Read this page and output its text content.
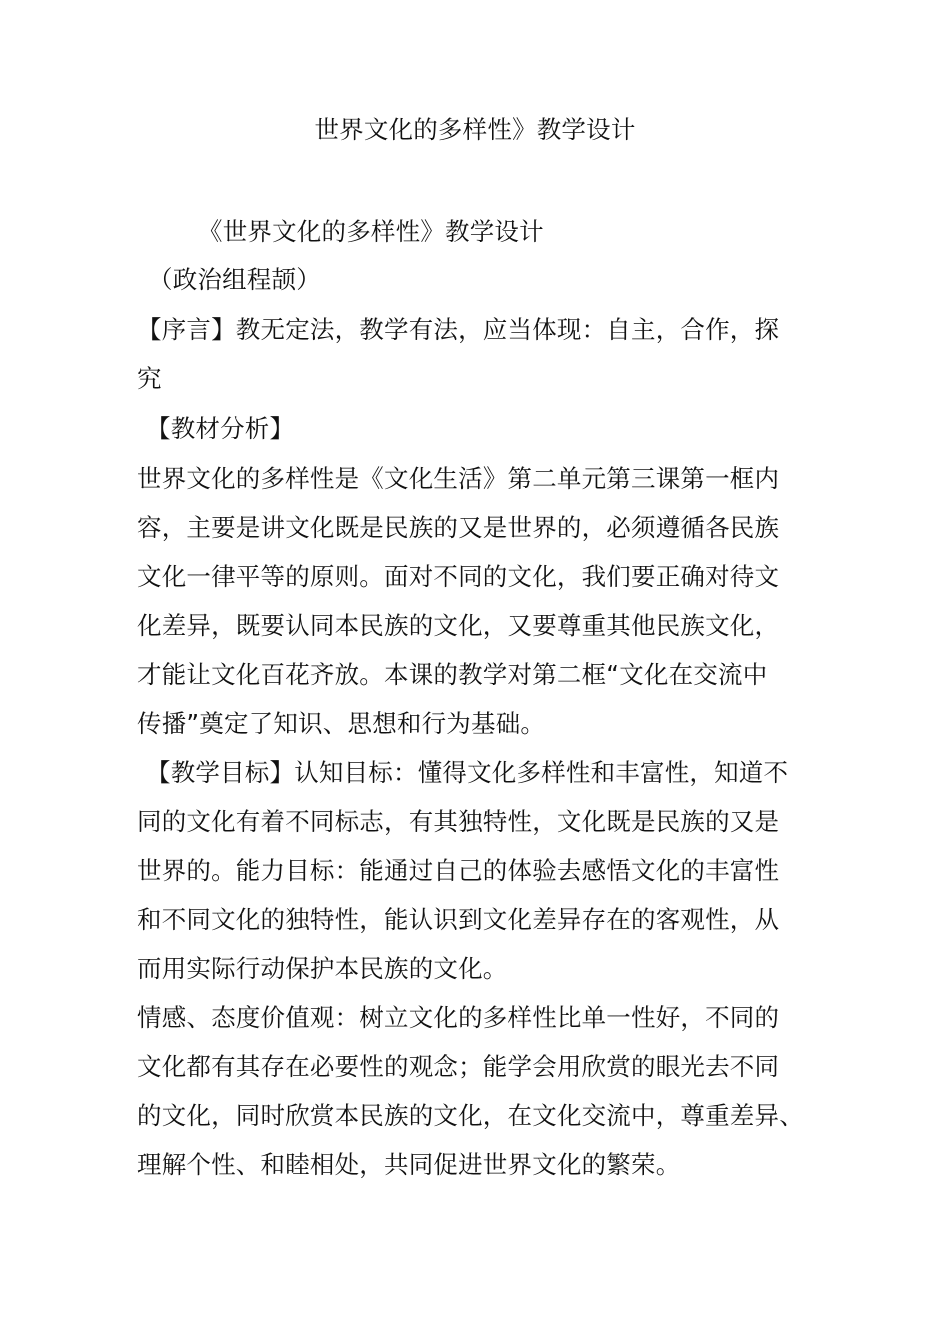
世界文化的多样性》教学设计
《世界文化的多样性》教学设计
（政治组程颉）
【序言】教无定法，教学有法，应当体现：自主，合作，探
究
【教材分析】
世界文化的多样性是《文化生活》第二单元第三课第一框内
容，主要是讲文化既是民族的又是世界的，必须遵循各民族
文化一律平等的原则。面对不同的文化，我们要正确对待文
化差异，既要认同本民族的文化，又要尊重其他民族文化，
才能让文化百花齐放。本课的教学对第二框“文化在交流中
传播”奠定了知识、思想和行为基础。
【教学目标】认知目标：懂得文化多样性和丰富性，知道不
同的文化有着不同标志，有其独特性，文化既是民族的又是
世界的。能力目标：能通过自己的体验去感悟文化的丰富性
和不同文化的独特性，能认识到文化差异存在的客观性，从
而用实际行动保护本民族的文化。
情感、态度价值观：树立文化的多样性比单一性好，不同的
文化都有其存在必要性的观念；能学会用欣赏的眼光去不同
的文化，同时欣赏本民族的文化，在文化交流中，尊重差异、
理解个性、和睦相处，共同促进世界文化的繁荣。
